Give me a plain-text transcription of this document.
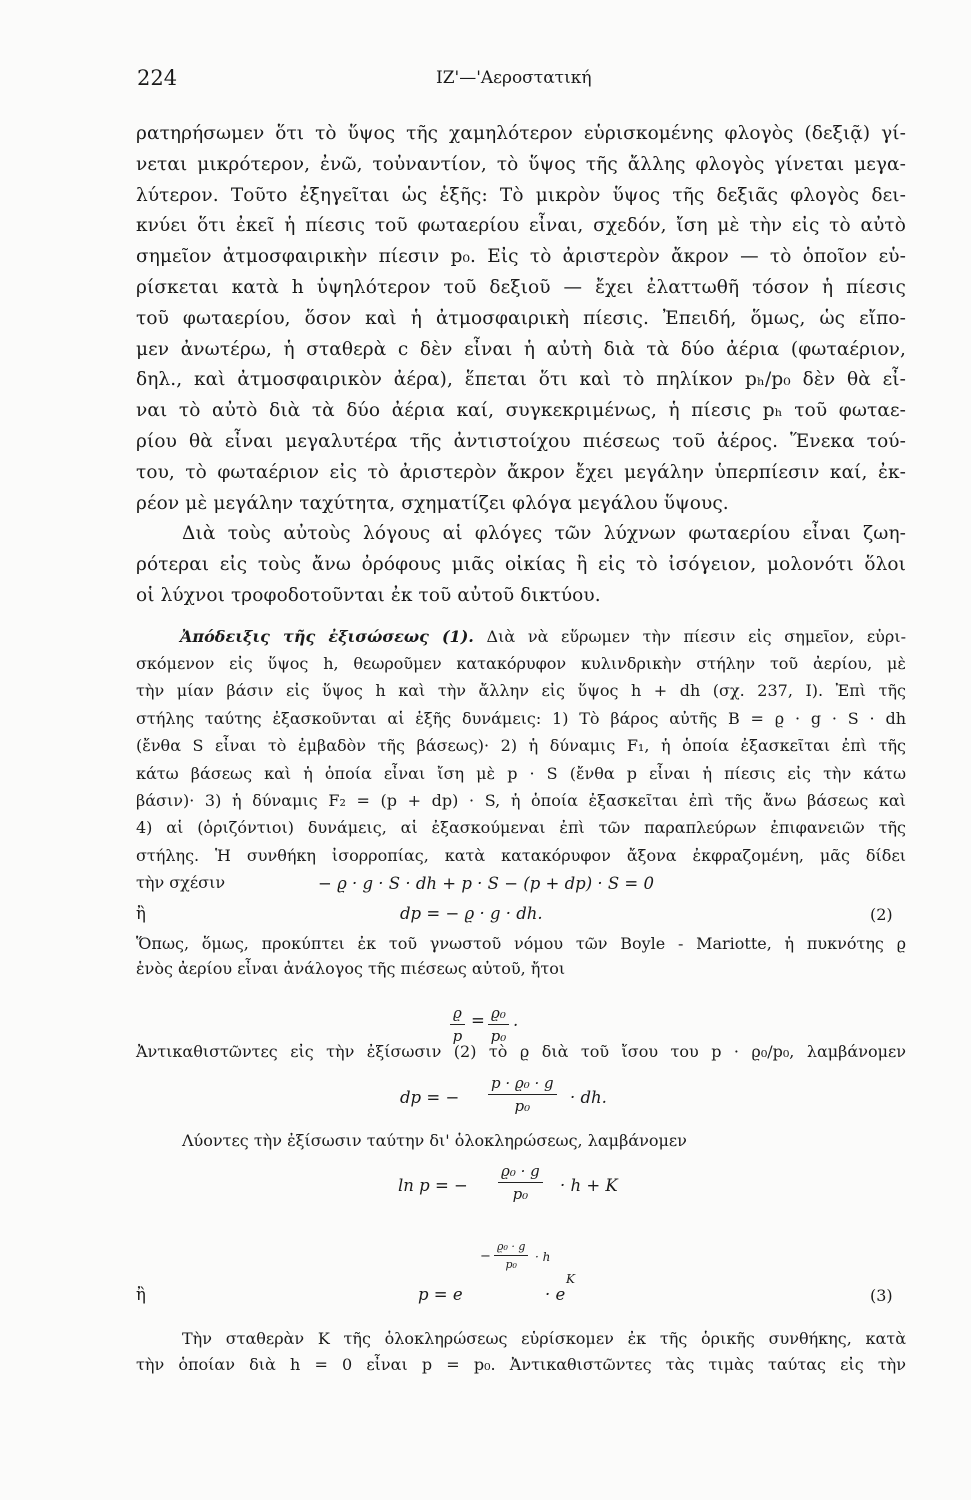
224	ΙΖ'—'Αεροστατική
ρατηρήσωμεν ὅτι τὸ ὕψος τῆς χαμηλότερον εὑρισκομένης φλογὸς (δεξιᾷ) γί-
νεται μικρότερον, ἐνῶ, τοὐναντίον, τὸ ὕψος τῆς ἄλλης φλογὸς γίνεται μεγα-
λύτερον. Τοῦτο ἐξηγεῖται ὡς ἑξῆς: Τὸ μικρὸν ὕψος τῆς δεξιᾶς φλογὸς δει-
κνύει ὅτι ἐκεῖ ἡ πίεσις τοῦ φωταερίου εἶναι, σχεδόν, ἴση μὲ τὴν εἰς τὸ αὐτὸ
σημεῖον ἀτμοσφαιρικὴν πίεσιν p₀. Εἰς τὸ ἀριστερὸν ἄκρον — τὸ ὁποῖον εὑ-
ρίσκεται κατὰ h ὑψηλότερον τοῦ δεξιοῦ — ἔχει ἐλαττωθῆ τόσον ἡ πίεσις
τοῦ φωταερίου, ὅσον καὶ ἡ ἀτμοσφαιρικὴ πίεσις. Ἐπειδή, ὅμως, ὡς εἴπο-
μεν ἀνωτέρω, ἡ σταθερὰ c δὲν εἶναι ἡ αὐτὴ διὰ τὰ δύο ἀέρια (φωταέριον,
δηλ., καὶ ἀτμοσφαιρικὸν ἀέρα), ἕπεται ὅτι καὶ τὸ πηλίκον pₕ/p₀ δὲν θὰ εἶ-
ναι τὸ αὐτὸ διὰ τὰ δύο ἀέρια καί, συγκεκριμένως, ἡ πίεσις pₕ τοῦ φωταε-
ρίου θὰ εἶναι μεγαλυτέρα τῆς ἀντιστοίχου πιέσεως τοῦ ἀέρος. Ἕνεκα τού-
του, τὸ φωταέριον εἰς τὸ ἀριστερὸν ἄκρον ἔχει μεγάλην ὑπερπίεσιν καί, ἐκ-
ρέον μὲ μεγάλην ταχύτητα, σχηματίζει φλόγα μεγάλου ὕψους.
Διὰ τοὺς αὐτοὺς λόγους αἱ φλόγες τῶν λύχνων φωταερίου εἶναι ζωη-
ρότεραι εἰς τοὺς ἄνω ὀρόφους μιᾶς οἰκίας ἢ εἰς τὸ ἰσόγειον, μολονότι ὅλοι
οἱ λύχνοι τροφοδοτοῦνται ἐκ τοῦ αὐτοῦ δικτύου.
Ἀπόδειξις τῆς ἐξισώσεως (1). Διὰ νὰ εὕρωμεν τὴν πίεσιν εἰς σημεῖον, εὑρι-
σκόμενον εἰς ὕψος h, θεωροῦμεν κατακόρυφον κυλινδρικὴν στήλην τοῦ ἀερίου, μὲ
τὴν μίαν βάσιν εἰς ὕψος h καὶ τὴν ἄλλην εἰς ὕψος h + dh (σχ. 237, I). Ἐπὶ τῆς
στήλης ταύτης ἐξασκοῦνται αἱ ἑξῆς δυνάμεις: 1) Τὸ βάρος αὐτῆς B = ϱ · g · S · dh
(ἔνθα S εἶναι τὸ ἐμβαδὸν τῆς βάσεως)· 2) ἡ δύναμις F₁, ἡ ὁποία ἐξασκεῖται ἐπὶ τῆς
κάτω βάσεως καὶ ἡ ὁποία εἶναι ἴση μὲ p · S (ἔνθα p εἶναι ἡ πίεσις εἰς τὴν κάτω
βάσιν)· 3) ἡ δύναμις F₂ = (p + dp) · S, ἡ ὁποία ἐξασκεῖται ἐπὶ τῆς ἄνω βάσεως καὶ
4) αἱ (ὁριζόντιοι) δυνάμεις, αἱ ἐξασκούμεναι ἐπὶ τῶν παραπλεύρων ἐπιφανειῶν τῆς
στήλης. Ἡ συνθήκη ἰσορροπίας, κατὰ κατακόρυφον ἄξονα ἐκφραζομένη, μᾶς δίδει
τὴν σχέσιν	− ϱ · g · S · dh + p · S − (p + dp) · S = 0
ἢ	dp = − ϱ · g · dh.	(2)
Ὅπως, ὅμως, προκύπτει ἐκ τοῦ γνωστοῦ νόμου τῶν Boyle - Mariotte, ἡ πυκνότης ϱ
ἑνὸς ἀερίου εἶναι ἀνάλογος τῆς πιέσεως αὐτοῦ, ἤτοι
$\frac{ϱ}{p} = \frac{\text{ϱ₀}}{\text{p₀}}$ .
Ἀντικαθιστῶντες εἰς τὴν ἐξίσωσιν (2) τὸ ϱ διὰ τοῦ ἴσου του p · ϱ₀/p₀, λαμβάνομεν
dp = − $\frac{\text{p · ϱ₀ · g}}{\text{p₀}}$ · dh.
Λύοντες τὴν ἐξίσωσιν ταύτην δι' ὁλοκληρώσεως, λαμβάνομεν
ln p = − $\frac{\text{ϱ₀ · g}}{\text{p₀}} \cdot h + K$
ἢ	p = e
− $\frac{\text{ϱ₀ · g}}{\text{p₀}} \cdot h$
· e
K
(3)
Τὴν σταθερὰν K τῆς ὁλοκληρώσεως εὑρίσκομεν ἐκ τῆς ὁρικῆς συνθήκης, κατὰ
τὴν ὁποίαν διὰ h = 0 εἶναι p = p₀. Ἀντικαθιστῶντες τὰς τιμὰς ταύτας εἰς τὴν
